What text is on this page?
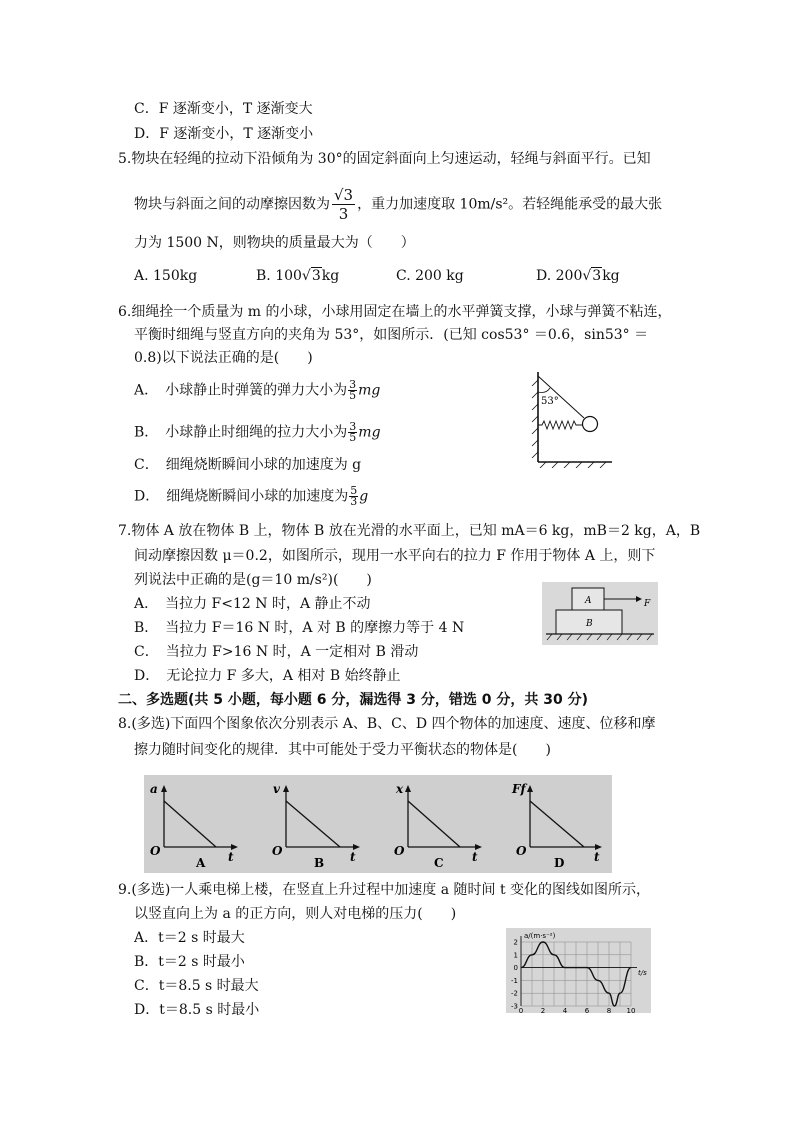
C．F 逐渐变小，T 逐渐变大
D．F 逐渐变小，T 逐渐变小
5.物块在轻绳的拉动下沿倾角为 30°的固定斜面向上匀速运动，轻绳与斜面平行。已知
物块与斜面之间的动摩擦因数为 $\frac{√3}{3}$ ，重力加速度取 10m/s²。若轻绳能承受的最大张
力为 1500 N，则物块的质量最大为（　　）
A. 150kg	B. 100√3kg	C. 200 kg	D. 200√3kg
6.细绳拴一个质量为 m 的小球，小球用固定在墙上的水平弹簧支撑，小球与弹簧不粘连，
平衡时细绳与竖直方向的夹角为 53°，如图所示．(已知 cos53° ＝0.6，sin53° ＝
0.8)以下说法正确的是(　　)
A．　小球静止时弹簧的弹力大小为 $\frac{3}{5}$ mg
B．　小球静止时细绳的拉力大小为 $\frac{3}{5}$ mg
C．　细绳烧断瞬间小球的加速度为 g
D．　细绳烧断瞬间小球的加速度为 $\frac{5}{3}$ g
53°
7.物体 A 放在物体 B 上，物体 B 放在光滑的水平面上，已知 mA＝6 kg，mB＝2 kg，A，B
间动摩擦因数 μ＝0.2，如图所示，现用一水平向右的拉力 F 作用于物体 A 上，则下
列说法中正确的是(g＝10 m/s²)(　　)
A．　当拉力 F<12 N 时，A 静止不动
B．　当拉力 F＝16 N 时，A 对 B 的摩擦力等于 4 N
C．　当拉力 F>16 N 时，A 一定相对 B 滑动
D．　无论拉力 F 多大，A 相对 B 始终静止
A
B
F
二、多选题(共 5 小题，每小题 6 分，漏选得 3 分，错选 0 分，共 30 分)
8.(多选)下面四个图象依次分别表示 A、B、C、D 四个物体的加速度、速度、位移和摩
擦力随时间变化的规律．其中可能处于受力平衡状态的物体是(　　)
a
t
O
A
v
t
O
B
x
t
O
C
Ff
t
O
D
9.(多选)一人乘电梯上楼，在竖直上升过程中加速度 a 随时间 t 变化的图线如图所示，
以竖直向上为 a 的正方向，则人对电梯的压力(　　)
A．t＝2 s 时最大
B．t＝2 s 时最小
C．t＝8.5 s 时最大
D．t＝8.5 s 时最小
2
1
0
-1
-2
-3
0	2	4	6	8 10
a/(m·s⁻²)
t/s
